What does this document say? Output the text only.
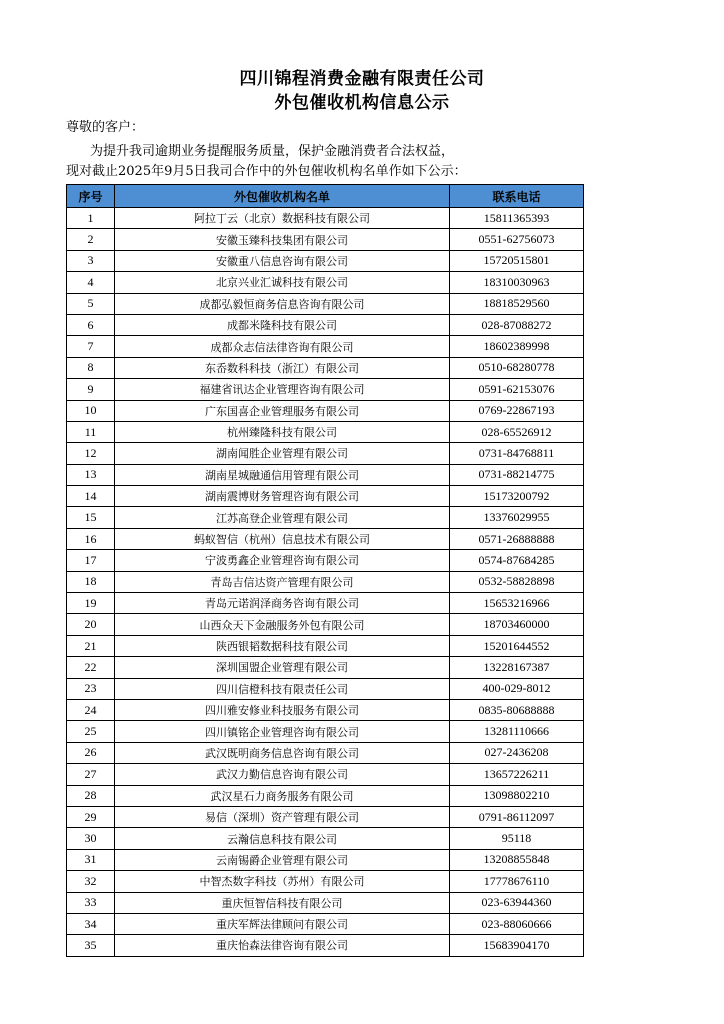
四川锦程消费金融有限责任公司
外包催收机构信息公示
尊敬的客户：
为提升我司逾期业务提醒服务质量，保护金融消费者合法权益，
现对截止2025年9月5日我司合作中的外包催收机构名单作如下公示：
序号	外包催收机构名单	联系电话
1	阿拉丁云（北京）数据科技有限公司	15811365393
2	安徽玉臻科技集团有限公司	0551-62756073
3	安徽重八信息咨询有限公司	15720515801
4	北京兴业汇诚科技有限公司	18310030963
5	成都弘毅恒商务信息咨询有限公司	18818529560
6	成都米隆科技有限公司	028-87088272
7	成都众志信法律咨询有限公司	18602389998
8	东岙数科科技（浙江）有限公司	0510-68280778
9	福建省讯达企业管理咨询有限公司	0591-62153076
10	广东国喜企业管理服务有限公司	0769-22867193
11	杭州臻隆科技有限公司	028-65526912
12	湖南闻胜企业管理有限公司	0731-84768811
13	湖南星城融通信用管理有限公司	0731-88214775
14	湖南震博财务管理咨询有限公司	15173200792
15	江苏高登企业管理有限公司	13376029955
16	蚂蚁智信（杭州）信息技术有限公司	0571-26888888
17	宁波勇鑫企业管理咨询有限公司	0574-87684285
18	青岛吉信达资产管理有限公司	0532-58828898
19	青岛元诺润泽商务咨询有限公司	15653216966
20	山西众天下金融服务外包有限公司	18703460000
21	陕西银韬数据科技有限公司	15201644552
22	深圳国盟企业管理有限公司	13228167387
23	四川信橙科技有限责任公司	400-029-8012
24	四川雅安修业科技服务有限公司	0835-80688888
25	四川镇铭企业管理咨询有限公司	13281110666
26	武汉既明商务信息咨询有限公司	027-2436208
27	武汉力勤信息咨询有限公司	13657226211
28	武汉星石力商务服务有限公司	13098802210
29	易信（深圳）资产管理有限公司	0791-86112097
30	云瀚信息科技有限公司	95118
31	云南锡爵企业管理有限公司	13208855848
32	中智杰数字科技（苏州）有限公司	17778676110
33	重庆恒智信科技有限公司	023-63944360
34	重庆军辉法律顾问有限公司	023-88060666
35	重庆怡森法律咨询有限公司	15683904170
